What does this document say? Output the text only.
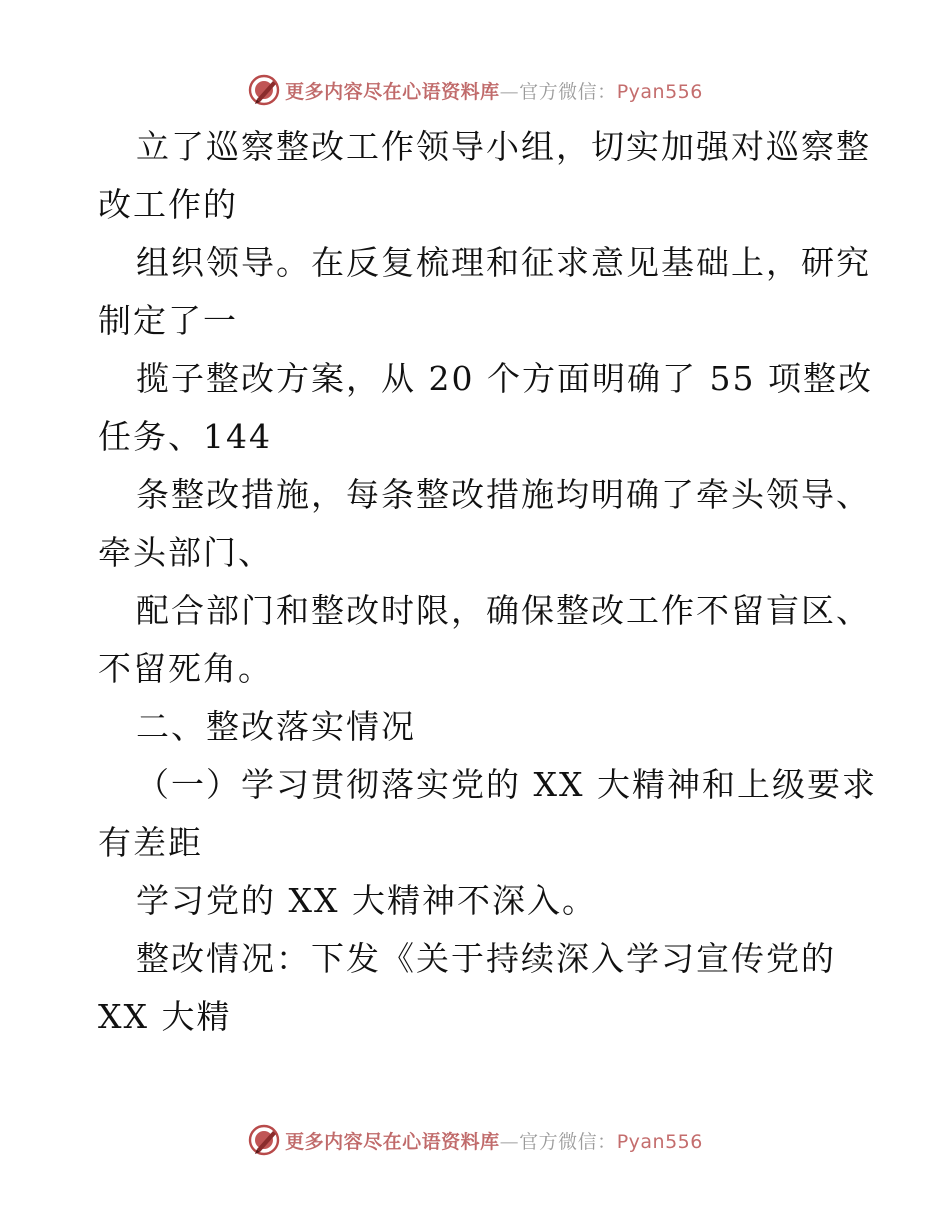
更多内容尽在心语资料库—官方微信：Pyan556
立了巡察整改工作领导小组，切实加强对巡察整
改工作的
组织领导。在反复梳理和征求意见基础上，研究
制定了一
揽子整改方案，从 20 个方面明确了 55 项整改
任务、144
条整改措施，每条整改措施均明确了牵头领导、
牵头部门、
配合部门和整改时限，确保整改工作不留盲区、
不留死角。
二、整改落实情况
（一）学习贯彻落实党的 XX 大精神和上级要求
有差距
学习党的 XX 大精神不深入。
整改情况：下发《关于持续深入学习宣传党的
XX 大精
更多内容尽在心语资料库—官方微信：Pyan556
